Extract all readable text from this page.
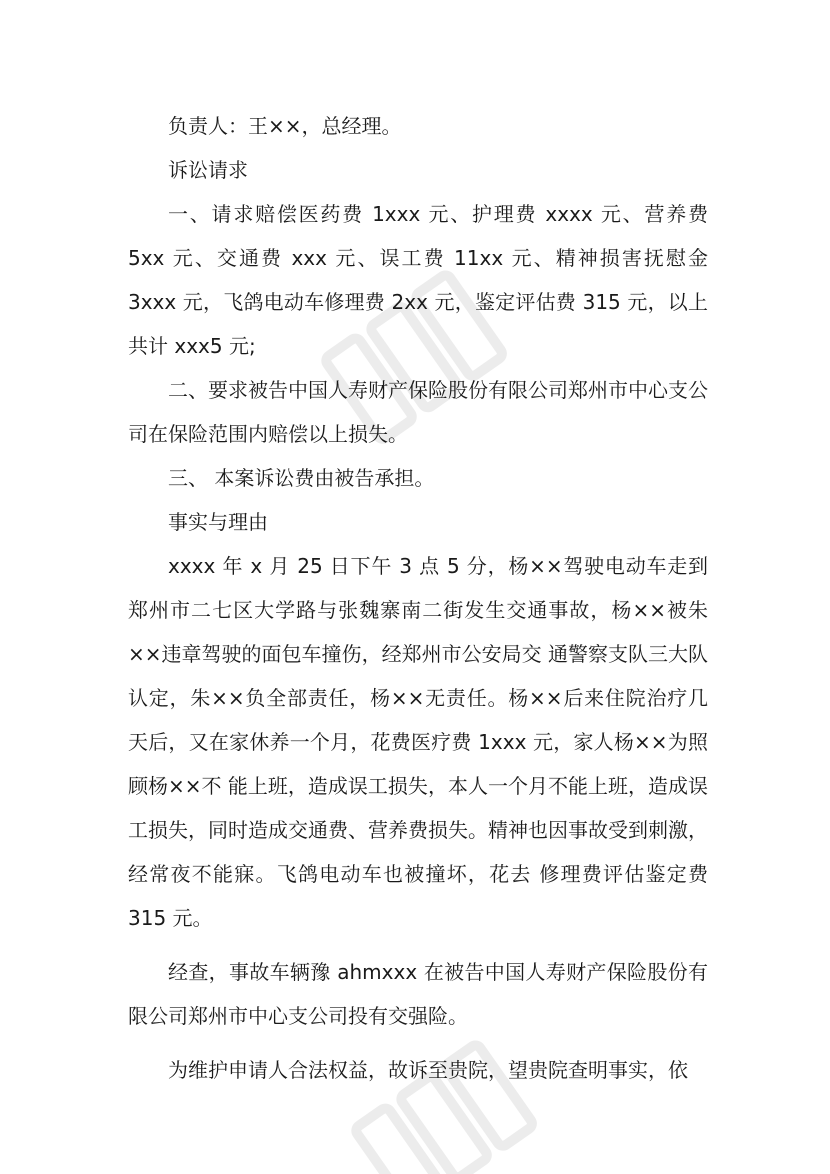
负责人：王××，总经理。

诉讼请求

一、请求赔偿医药费 1xxx 元、护理费 xxxx 元、营养费 5xx 元、交通费 xxx 元、误工费 11xx 元、精神损害抚慰金 3xxx 元，飞鸽电动车修理费 2xx 元，鉴定评估费 315 元，以上共计 xxx5 元;

二、要求被告中国人寿财产保险股份有限公司郑州市中心支公司在保险范围内赔偿以上损失。

三、 本案诉讼费由被告承担。

事实与理由

xxxx 年 x 月 25 日下午 3 点 5 分，杨××驾驶电动车走到郑州市二七区大学路与张魏寨南二街发生交通事故，杨××被朱××违章驾驶的面包车撞伤，经郑州市公安局交 通警察支队三大队认定，朱××负全部责任，杨××无责任。杨××后来住院治疗几天后，又在家休养一个月，花费医疗费 1xxx 元，家人杨××为照顾杨××不 能上班，造成误工损失，本人一个月不能上班，造成误工损失，同时造成交通费、营养费损失。精神也因事故受到刺激，经常夜不能寐。飞鸽电动车也被撞坏，花去 修理费评估鉴定费 315 元。

经查，事故车辆豫 ahmxxx 在被告中国人寿财产保险股份有限公司郑州市中心支公司投有交强险。

为维护申请人合法权益，故诉至贵院，望贵院查明事实，依
